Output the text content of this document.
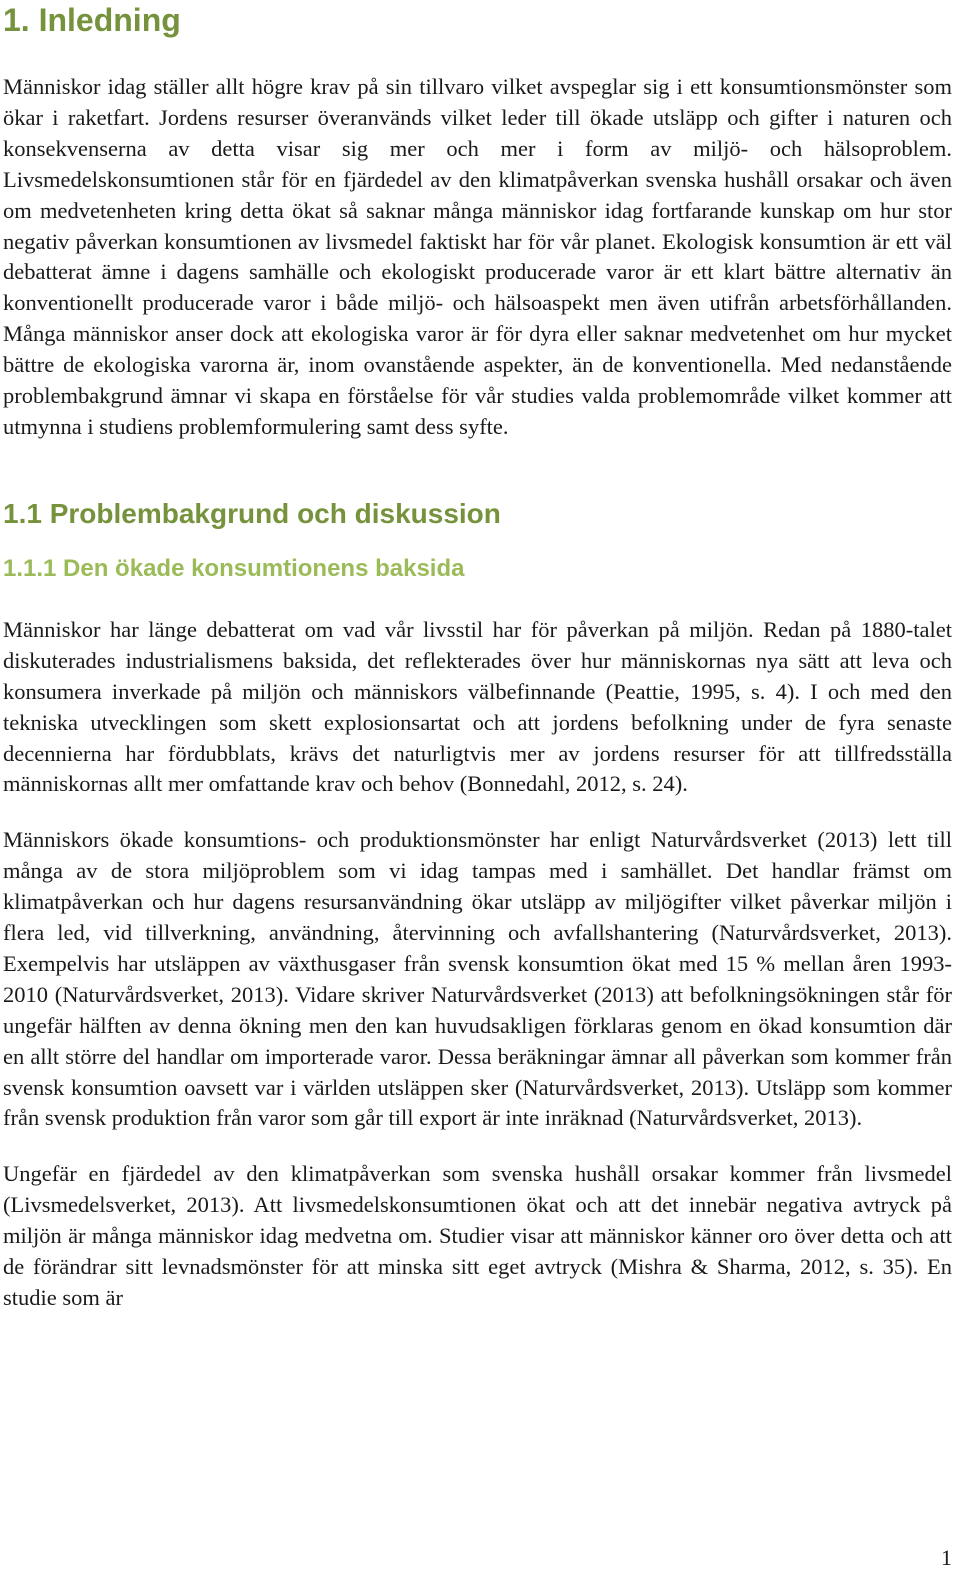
1. Inledning

Människor idag ställer allt högre krav på sin tillvaro vilket avspeglar sig i ett konsumtionsmönster som ökar i raketfart. Jordens resurser överanvänds vilket leder till ökade utsläpp och gifter i naturen och konsekvenserna av detta visar sig mer och mer i form av miljö- och hälsoproblem. Livsmedelskonsumtionen står för en fjärdedel av den klimatpåverkan svenska hushåll orsakar och även om medvetenheten kring detta ökat så saknar många människor idag fortfarande kunskap om hur stor negativ påverkan konsumtionen av livsmedel faktiskt har för vår planet. Ekologisk konsumtion är ett väl debatterat ämne i dagens samhälle och ekologiskt producerade varor är ett klart bättre alternativ än konventionellt producerade varor i både miljö- och hälsoaspekt men även utifrån arbetsförhållanden. Många människor anser dock att ekologiska varor är för dyra eller saknar medvetenhet om hur mycket bättre de ekologiska varorna är, inom ovanstående aspekter, än de konventionella. Med nedanstående problembakgrund ämnar vi skapa en förståelse för vår studies valda problemområde vilket kommer att utmynna i studiens problemformulering samt dess syfte.

1.1 Problembakgrund och diskussion
1.1.1 Den ökade konsumtionens baksida

Människor har länge debatterat om vad vår livsstil har för påverkan på miljön. Redan på 1880-talet diskuterades industrialismens baksida, det reflekterades över hur människornas nya sätt att leva och konsumera inverkade på miljön och människors välbefinnande (Peattie, 1995, s. 4). I och med den tekniska utvecklingen som skett explosionsartat och att jordens befolkning under de fyra senaste decennierna har fördubblats, krävs det naturligtvis mer av jordens resurser för att tillfredsställa människornas allt mer omfattande krav och behov (Bonnedahl, 2012, s. 24).

Människors ökade konsumtions- och produktionsmönster har enligt Naturvårdsverket (2013) lett till många av de stora miljöproblem som vi idag tampas med i samhället. Det handlar främst om klimatpåverkan och hur dagens resursanvändning ökar utsläpp av miljögifter vilket påverkar miljön i flera led, vid tillverkning, användning, återvinning och avfallshantering (Naturvårdsverket, 2013). Exempelvis har utsläppen av växthusgaser från svensk konsumtion ökat med 15 % mellan åren 1993-2010 (Naturvårdsverket, 2013). Vidare skriver Naturvårdsverket (2013) att befolkningsökningen står för ungefär hälften av denna ökning men den kan huvudsakligen förklaras genom en ökad konsumtion där en allt större del handlar om importerade varor. Dessa beräkningar ämnar all påverkan som kommer från svensk konsumtion oavsett var i världen utsläppen sker (Naturvårdsverket, 2013). Utsläpp som kommer från svensk produktion från varor som går till export är inte inräknad (Naturvårdsverket, 2013).

Ungefär en fjärdedel av den klimatpåverkan som svenska hushåll orsakar kommer från livsmedel (Livsmedelsverket, 2013). Att livsmedelskonsumtionen ökat och att det innebär negativa avtryck på miljön är många människor idag medvetna om. Studier visar att människor känner oro över detta och att de förändrar sitt levnadsmönster för att minska sitt eget avtryck (Mishra & Sharma, 2012, s. 35). En studie som är

1
